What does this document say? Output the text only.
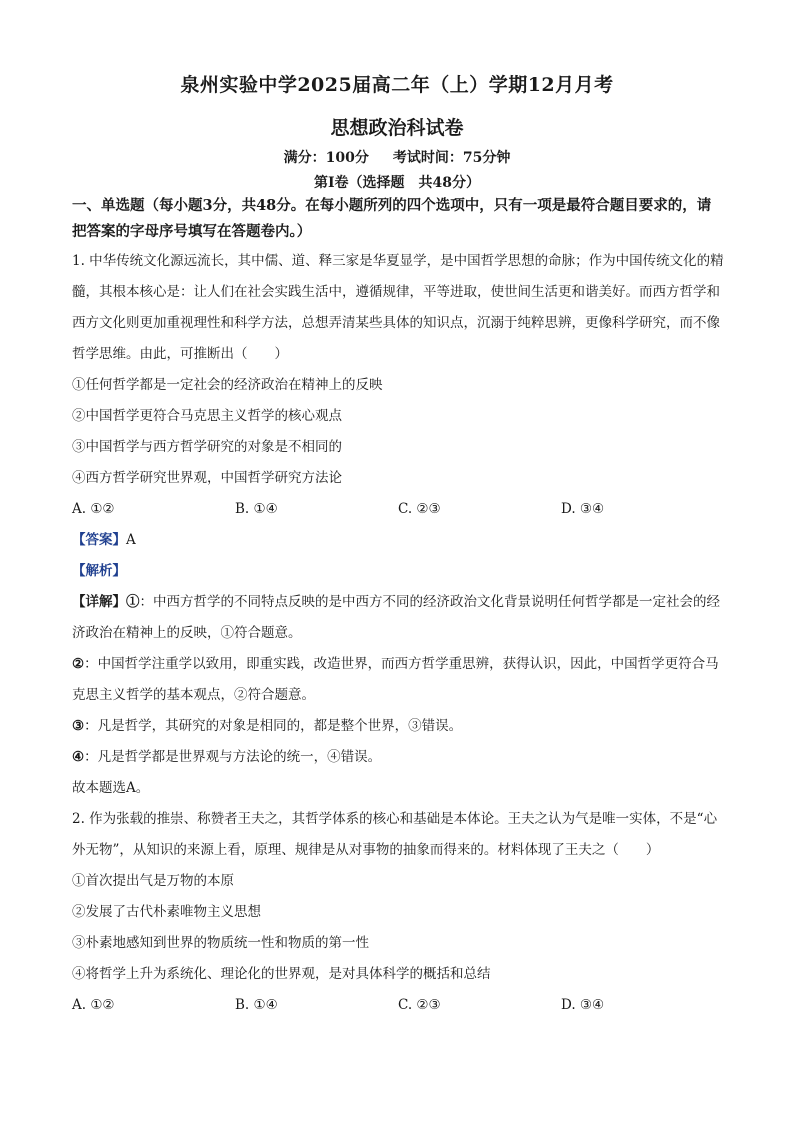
泉州实验中学2025届高二年（上）学期12月月考
思想政治科试卷
满分：100分 考试时间：75分钟
第Ⅰ卷（选择题　共48分）
一、单选题（每小题3分，共48分。在每小题所列的四个选项中，只有一项是最符合题目要求的，请把答案的字母序号填写在答题卷内。）

1. 中华传统文化源远流长，其中儒、道、释三家是华夏显学，是中国哲学思想的命脉；作为中国传统文化的精髓，其根本核心是：让人们在社会实践生活中，遵循规律，平等进取，使世间生活更和谐美好。而西方哲学和西方文化则更加重视理性和科学方法，总想弄清某些具体的知识点，沉溺于纯粹思辨，更像科学研究，而不像哲学思维。由此，可推断出（　　）

①任何哲学都是一定社会的经济政治在精神上的反映

②中国哲学更符合马克思主义哲学的核心观点

③中国哲学与西方哲学研究的对象是不相同的

④西方哲学研究世界观，中国哲学研究方法论

A. ①②	B. ①④	C. ②③	D. ③④

【答案】A

【解析】

【详解】①：中西方哲学的不同特点反映的是中西方不同的经济政治文化背景说明任何哲学都是一定社会的经济政治在精神上的反映，①符合题意。

②：中国哲学注重学以致用，即重实践，改造世界，而西方哲学重思辨，获得认识，因此，中国哲学更符合马克思主义哲学的基本观点，②符合题意。

③：凡是哲学，其研究的对象是相同的，都是整个世界，③错误。

④：凡是哲学都是世界观与方法论的统一，④错误。

故本题选A。

2. 作为张载的推崇、称赞者王夫之，其哲学体系的核心和基础是本体论。王夫之认为气是唯一实体，不是“心外无物”，从知识的来源上看，原理、规律是从对事物的抽象而得来的。材料体现了王夫之（　　）

①首次提出气是万物的本原

②发展了古代朴素唯物主义思想

③朴素地感知到世界的物质统一性和物质的第一性

④将哲学上升为系统化、理论化的世界观，是对具体科学的概括和总结

A. ①②	B. ①④	C. ②③	D. ③④
